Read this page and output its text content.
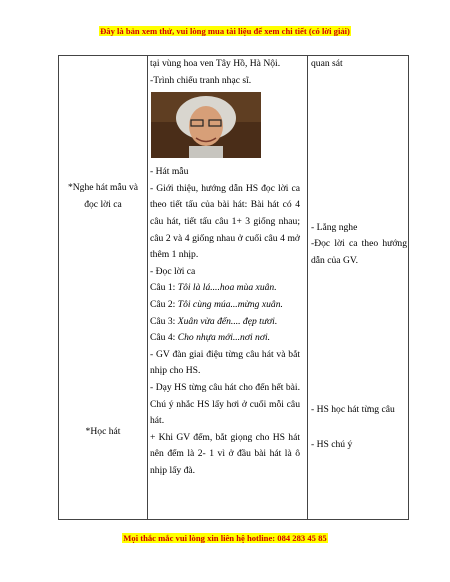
Đây là bản xem thử, vui lòng mua tài liệu để xem chi tiết (có lời giải)

*Nghe hát mẫu và

đọc lời ca

*Học hát

tại vùng hoa ven Tây Hồ, Hà Nội.

-Trình chiếu tranh nhạc sĩ.

- Hát mẫu

- Giới thiệu, hướng dẫn HS đọc lời ca theo tiết tấu của bài hát: Bài hát có 4 câu hát, tiết tấu câu 1+ 3 giống nhau; câu 2 và 4 giống nhau ở cuối câu 4 mở thêm 1 nhịp.

- Đọc lời ca

Câu 1: Tôi là lá....hoa mùa xuân.

Câu 2: Tôi cùng múa...mừng xuân.

Câu 3: Xuân vừa đến.... đẹp tươi.

Câu 4: Cho nhựa mới...nơi nơi.

- GV đàn giai điệu từng câu hát và bắt nhịp cho HS.

- Dạy HS từng câu hát cho đến hết bài. Chú ý nhắc HS lấy hơi ở cuối mỗi câu hát.

+ Khi GV đếm, bắt giọng cho HS hát nên đếm là 2- 1 vì ở đầu bài hát là ô nhịp lấy đà.

quan sát

- Lắng nghe

-Đọc lời ca theo hướng dẫn của GV.

- HS học hát từng câu

- HS chú ý

Mọi thắc mắc vui lòng xin liên hệ hotline: 084 283 45 85
